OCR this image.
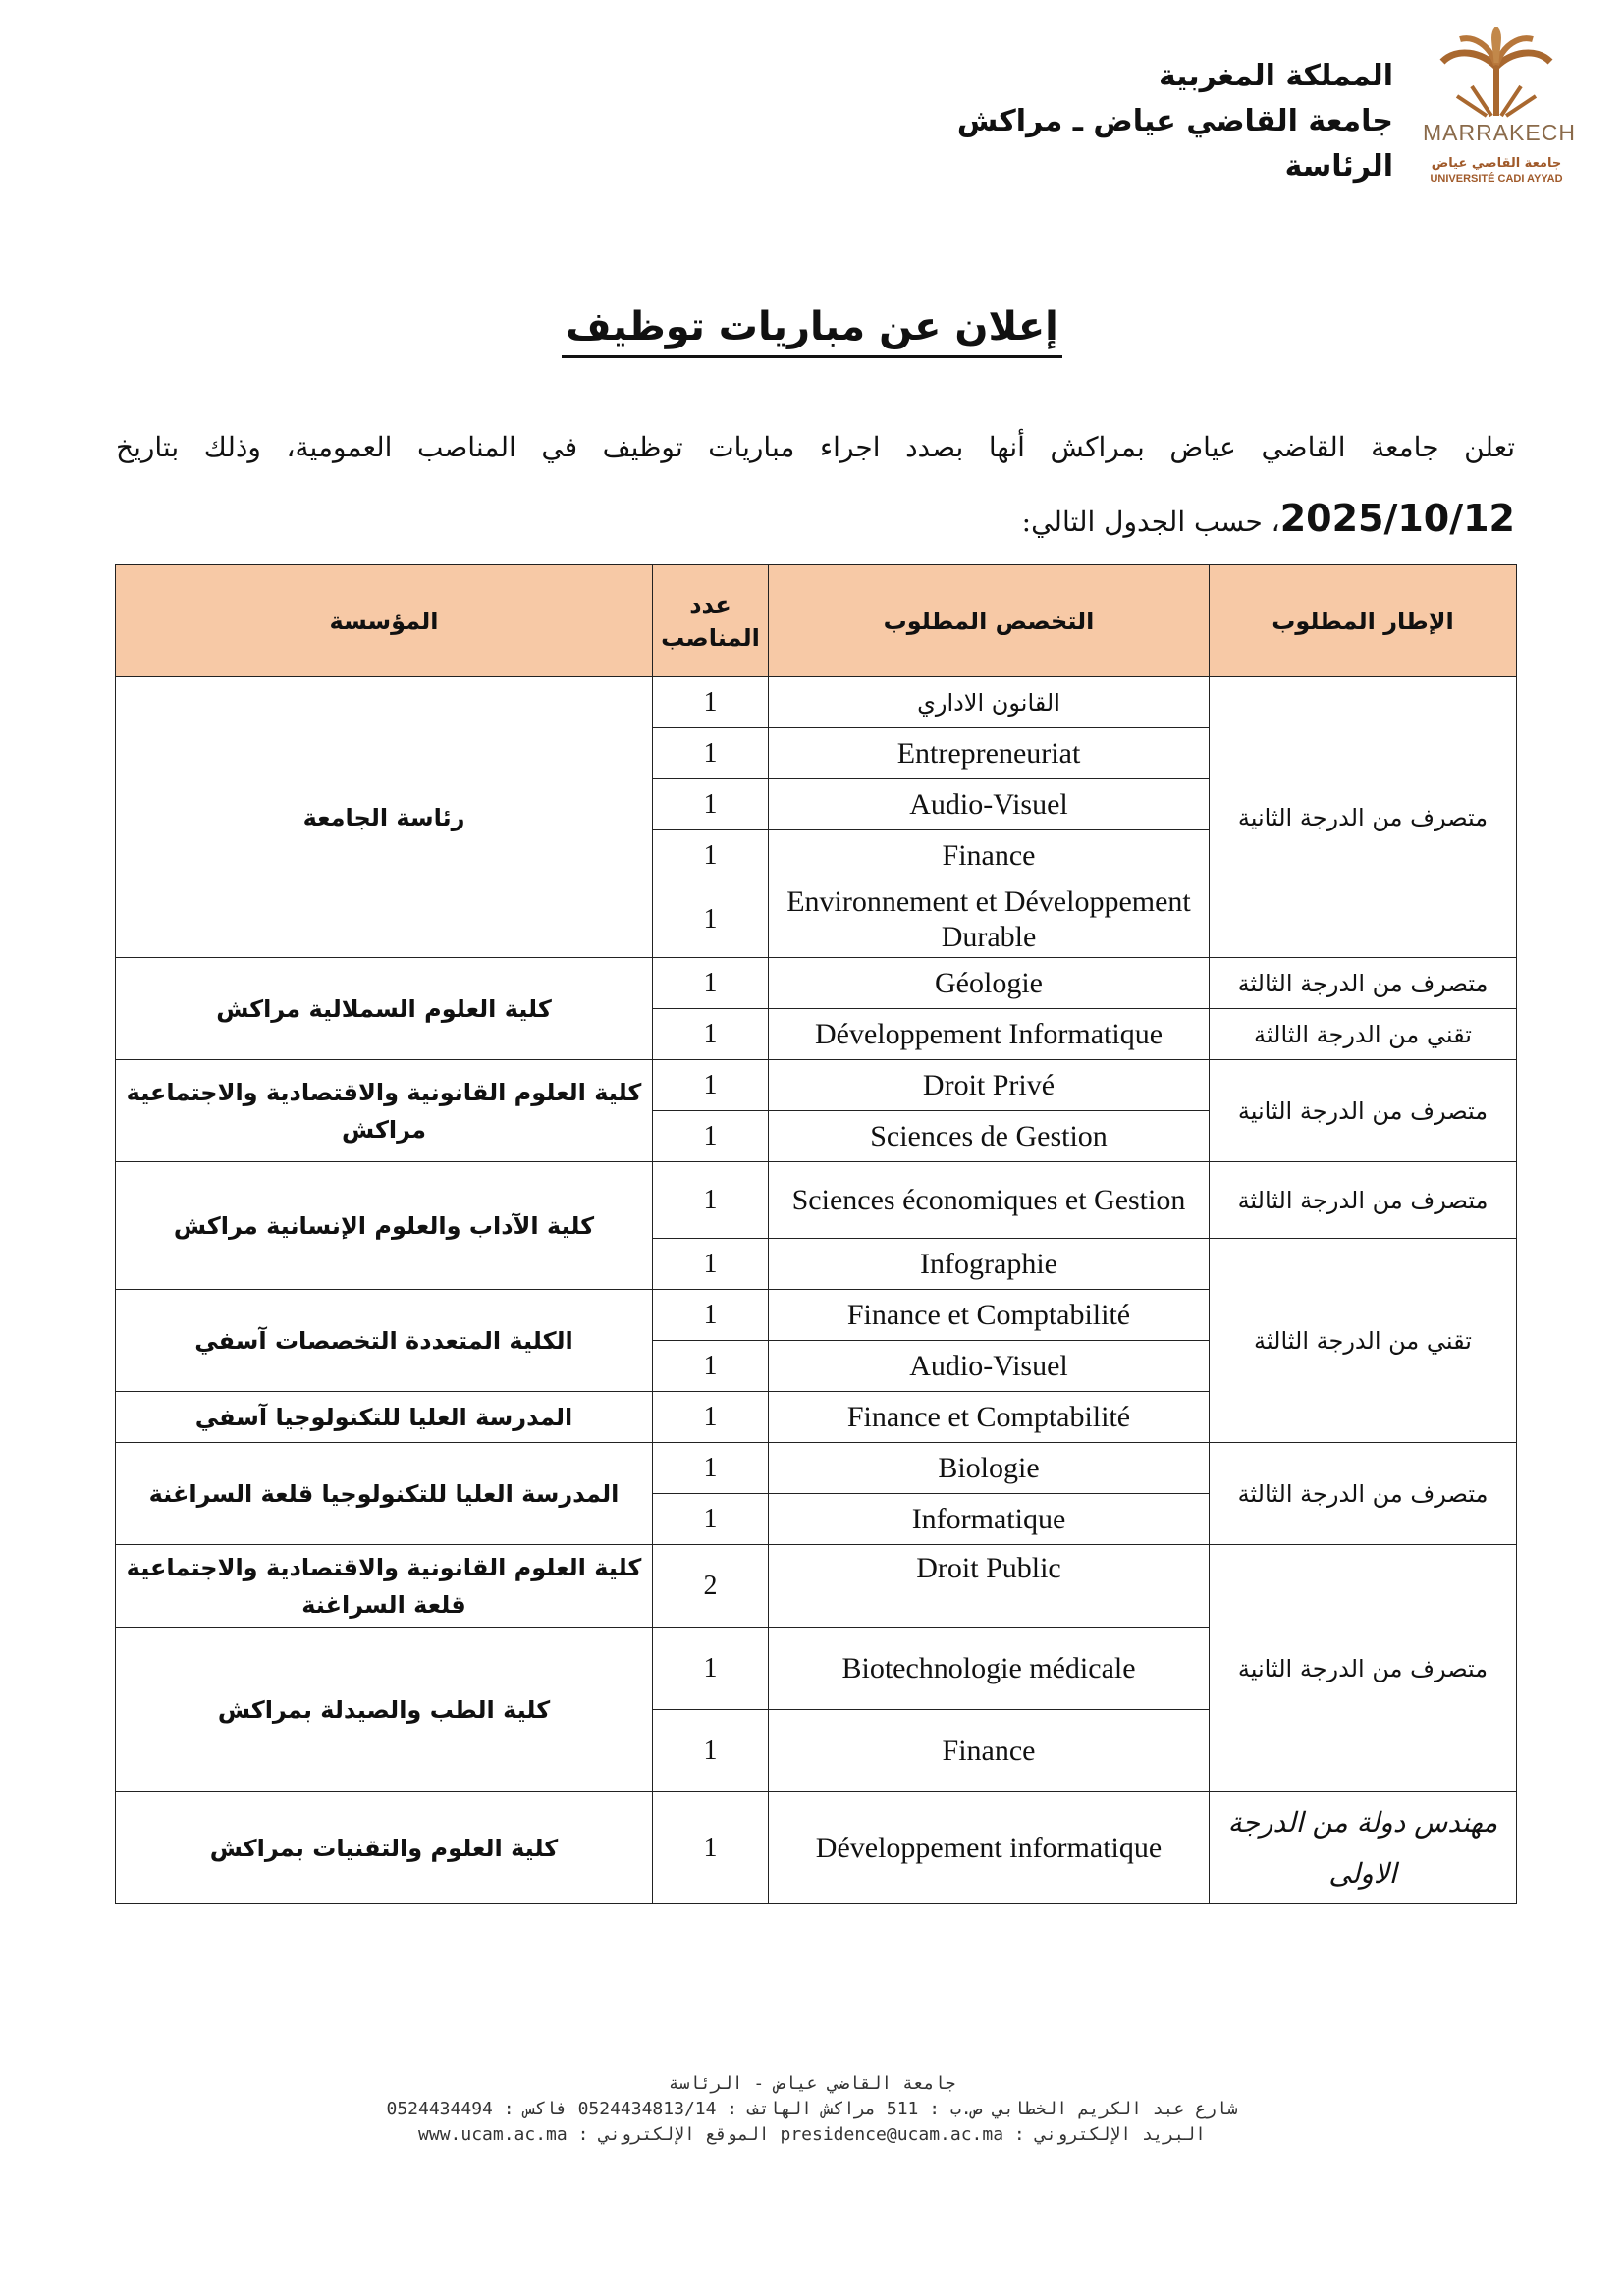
MARRAKECH
جامعة القاضي عياض
UNIVERSITÉ CADI AYYAD
المملكة المغربية
جامعة القاضي عياض ـ مراكش
الرئاسة
إعلان عن مباريات توظيف
تعلن جامعة القاضي عياض بمراكش أنها بصدد اجراء مباريات توظيف في المناصب العمومية، وذلك بتاريخ 2025/10/12، حسب الجدول التالي:
الإطار المطلوب	التخصص المطلوب	عدد المناصب	المؤسسة
متصرف من الدرجة الثانية	القانون الاداري	1	رئاسة الجامعة
	Entrepreneuriat	1	
	Audio-Visuel	1	
	Finance	1	
	Environnement et Développement Durable	1	
متصرف من الدرجة الثالثة	Géologie	1	كلية العلوم السملالية مراكش
تقني من الدرجة الثالثة	Développement Informatique	1	
متصرف من الدرجة الثانية	Droit Privé	1	كلية العلوم القانونية والاقتصادية والاجتماعية مراكش
	Sciences de Gestion	1	
متصرف من الدرجة الثالثة	Sciences économiques et Gestion	1	كلية الآداب والعلوم الإنسانية مراكش
تقني من الدرجة الثالثة	Infographie	1	
	Finance et Comptabilité	1	الكلية المتعددة التخصصات آسفي
	Audio-Visuel	1	
	Finance et Comptabilité	1	المدرسة العليا للتكنولوجيا آسفي
متصرف من الدرجة الثالثة	Biologie	1	المدرسة العليا للتكنولوجيا قلعة السراغنة
	Informatique	1	
متصرف من الدرجة الثانية	Droit Public	2	كلية العلوم القانونية والاقتصادية والاجتماعية قلعة السراغنة
	Biotechnologie médicale	1	كلية الطب والصيدلة بمراكش
	Finance	1	
مهندس دولة من الدرجة الاولى	Développement informatique	1	كلية العلوم والتقنيات بمراكش
جامعة القاضي عياض - الرئاسة
شارع عبد الكريم الخطابي ص.ب : 511 مراكش الهاتف : 0524434813/14 فاكس : 0524434494
البريد الإلكتروني : presidence@ucam.ac.ma الموقع الإلكتروني : www.ucam.ac.ma
